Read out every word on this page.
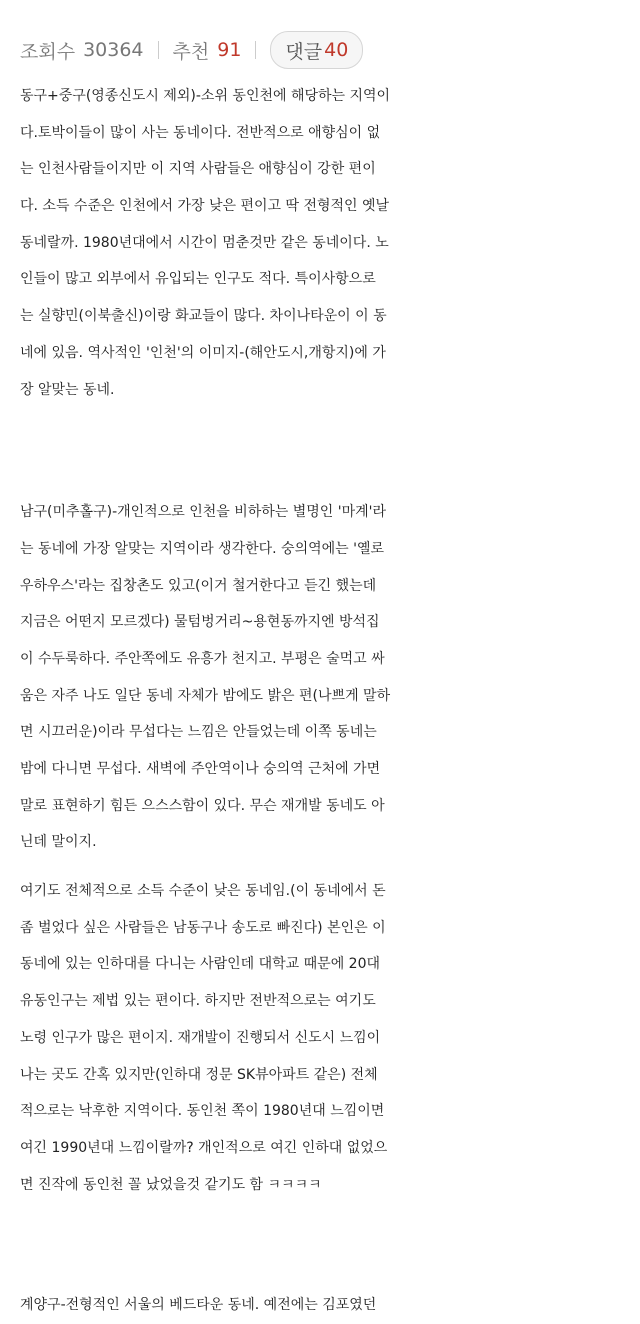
조회수 30364 추천 91 댓글 40

동구+중구(영종신도시 제외)-소위 동인천에 해당하는 지역이
다.토박이들이 많이 사는 동네이다. 전반적으로 애향심이 없
는 인천사람들이지만 이 지역 사람들은 애향심이 강한 편이
다. 소득 수준은 인천에서 가장 낮은 편이고 딱 전형적인 옛날
동네랄까. 1980년대에서 시간이 멈춘것만 같은 동네이다. 노
인들이 많고 외부에서 유입되는 인구도 적다. 특이사항으로
는 실향민(이북출신)이랑 화교들이 많다. 차이나타운이 이 동
네에 있음. 역사적인 '인천'의 이미지-(해안도시,개항지)에 가
장 알맞는 동네.

남구(미추홀구)-개인적으로 인천을 비하하는 별명인 '마계'라
는 동네에 가장 알맞는 지역이라 생각한다. 숭의역에는 '옐로
우하우스'라는 집창촌도 있고(이거 철거한다고 듣긴 했는데
지금은 어떤지 모르겠다) 물텀벙거리~용현동까지엔 방석집
이 수두룩하다. 주안쪽에도 유흥가 천지고. 부평은 술먹고 싸
움은 자주 나도 일단 동네 자체가 밤에도 밝은 편(나쁘게 말하
면 시끄러운)이라 무섭다는 느낌은 안들었는데 이쪽 동네는
밤에 다니면 무섭다. 새벽에 주안역이나 숭의역 근처에 가면
말로 표현하기 힘든 으스스함이 있다. 무슨 재개발 동네도 아
닌데 말이지.

여기도 전체적으로 소득 수준이 낮은 동네임.(이 동네에서 돈
좀 벌었다 싶은 사람들은 남동구나 송도로 빠진다) 본인은 이
동네에 있는 인하대를 다니는 사람인데 대학교 때문에 20대
유동인구는 제법 있는 편이다. 하지만 전반적으로는 여기도
노령 인구가 많은 편이지. 재개발이 진행되서 신도시 느낌이
나는 곳도 간혹 있지만(인하대 정문 SK뷰아파트 같은) 전체
적으로는 낙후한 지역이다. 동인천 쪽이 1980년대 느낌이면
여긴 1990년대 느낌이랄까? 개인적으로 여긴 인하대 없었으
면 진작에 동인천 꼴 났었을것 같기도 함 ㅋㅋㅋㅋ

계양구-전형적인 서울의 베드타운 동네. 예전에는 김포였던
